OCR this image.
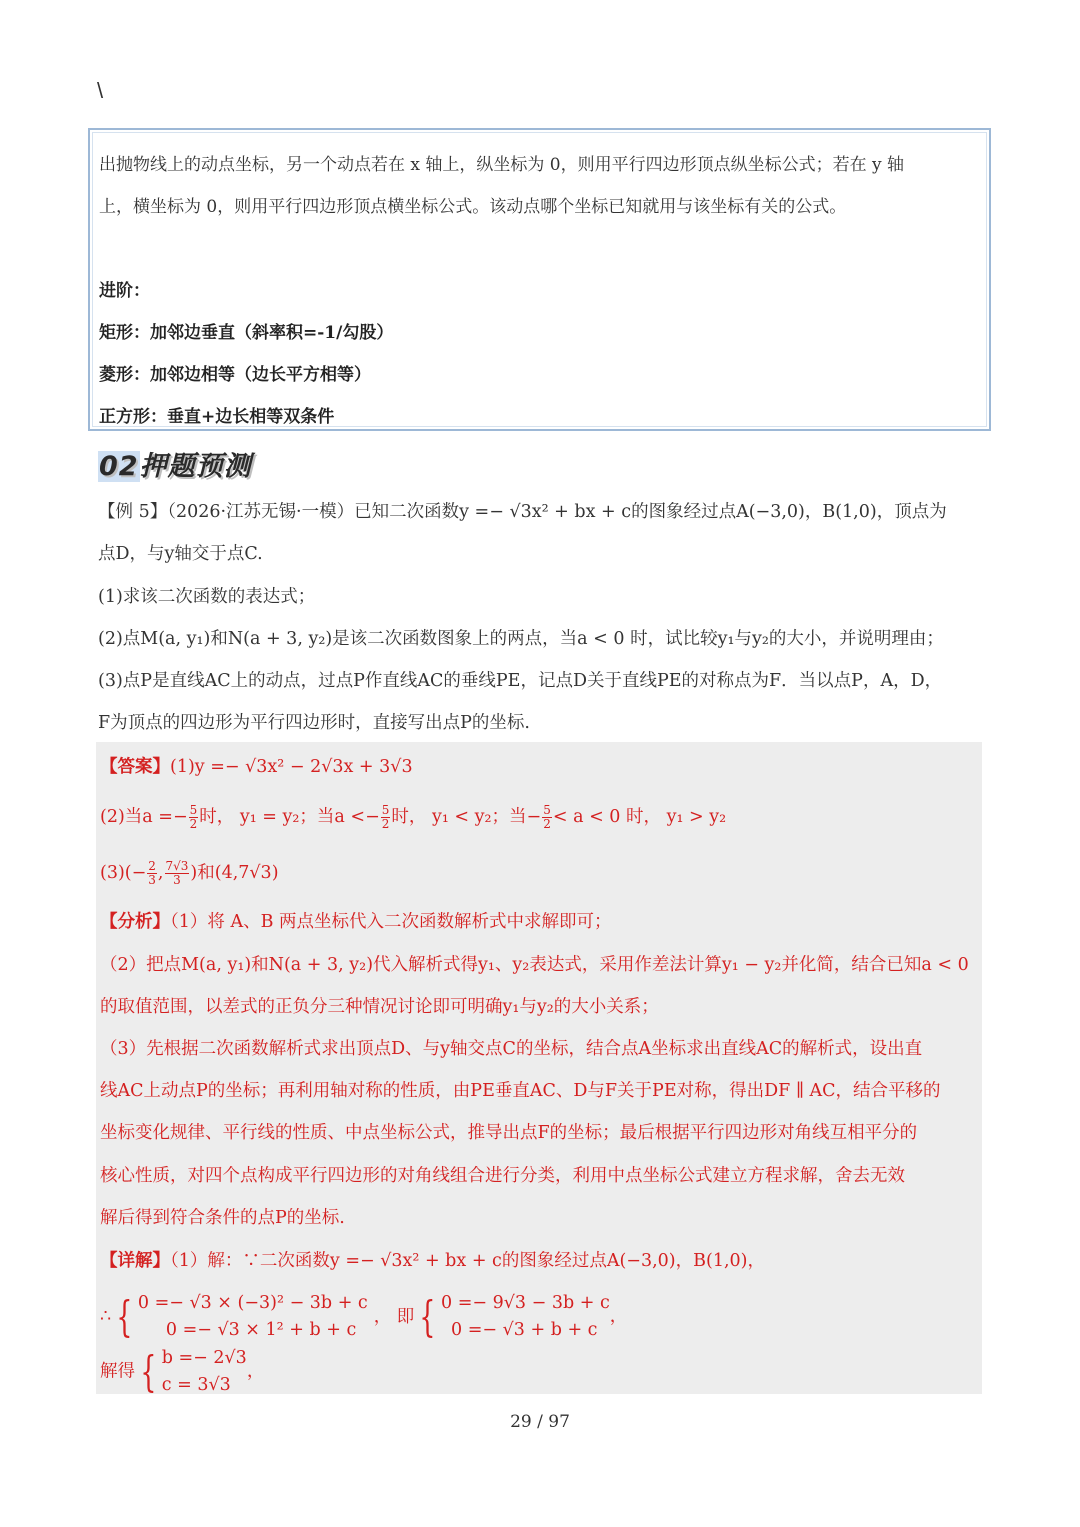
\
出抛物线上的动点坐标，另一个动点若在 x 轴上，纵坐标为 0，则用平行四边形顶点纵坐标公式；若在 y 轴
上，横坐标为 0，则用平行四边形顶点横坐标公式。该动点哪个坐标已知就用与该坐标有关的公式。
进阶：
矩形：加邻边垂直（斜率积=-1/勾股）
菱形：加邻边相等（边长平方相等）
正方形：垂直+边长相等双条件
02押题预测
【例 5】（2026·江苏无锡·一模）已知二次函数y =− √3x² + bx + c的图象经过点A(−3,0)，B(1,0)，顶点为
点D，与y轴交于点C.
(1)求该二次函数的表达式；
(2)点M(a, y₁)和N(a + 3, y₂)是该二次函数图象上的两点，当a < 0 时，试比较y₁与y₂的大小，并说明理由；
(3)点P是直线AC上的动点，过点P作直线AC的垂线PE，记点D关于直线PE的对称点为F．当以点P，A，D，
F为顶点的四边形为平行四边形时，直接写出点P的坐标.
【答案】(1)y =− √3x² − 2√3x + 3√3
(2)当$a =- \frac{5}{2}$ 时， y₁ = y₂；当$a <- \frac{5}{2}$ 时， y₁ < y₂；当− $\frac{5}{2} < a < 0$ 时， y₁ > y₂
$(3)(- \frac{2}{3}$ , $\frac{7√3}{3}$ )和(4,7√3)
【分析】（1）将 A、B 两点坐标代入二次函数解析式中求解即可；
（2）把点M(a, y₁)和N(a + 3, y₂)代入解析式得y₁、y₂表达式，采用作差法计算y₁ − y₂并化简，结合已知a < 0
的取值范围，以差式的正负分三种情况讨论即可明确y₁与y₂的大小关系；
（3）先根据二次函数解析式求出顶点D、与y轴交点C的坐标，结合点A坐标求出直线AC的解析式，设出直
线AC上动点P的坐标；再利用轴对称的性质，由PE垂直AC、D与F关于PE对称，得出DF ∥ AC，结合平移的
坐标变化规律、平行线的性质、中点坐标公式，推导出点F的坐标；最后根据平行四边形对角线互相平分的
核心性质，对四个点构成平行四边形的对角线组合进行分类，利用中点坐标公式建立方程求解，舍去无效
解后得到符合条件的点P的坐标.
【详解】（1）解：∵二次函数y =− √3x² + bx + c的图象经过点A(−3,0)，B(1,0)，
∴ { 0 =− √3 × (−3)² − 3b + c
0 =− √3 × 1² + b + c
， 即 { 0 =− 9√3 − 3b + c
0 =− √3 + b + c
，
解得 { b =− 2√3
c = 3√3
，
29 / 97
